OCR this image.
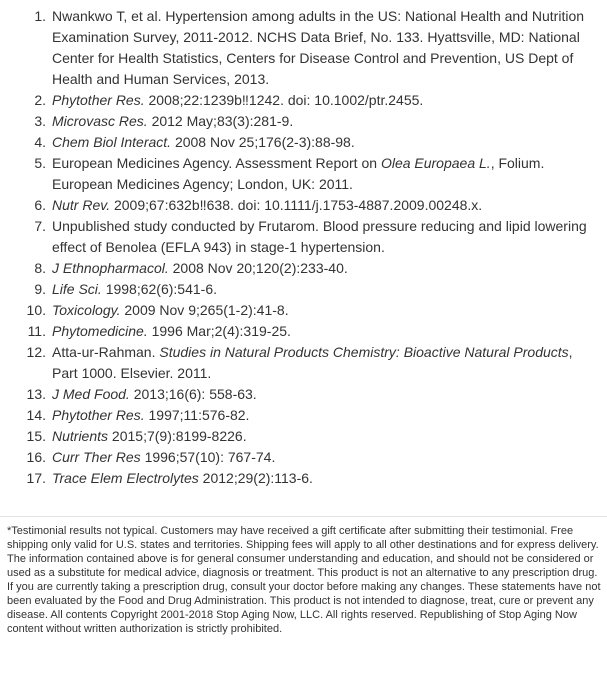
1. Nwankwo T, et al. Hypertension among adults in the US: National Health and Nutrition Examination Survey, 2011-2012. NCHS Data Brief, No. 133. Hyattsville, MD: National Center for Health Statistics, Centers for Disease Control and Prevention, US Dept of Health and Human Services, 2013.
2. Phytother Res. 2008;22:1239b‼1242. doi: 10.1002/ptr.2455.
3. Microvasc Res. 2012 May;83(3):281-9.
4. Chem Biol Interact. 2008 Nov 25;176(2-3):88-98.
5. European Medicines Agency. Assessment Report on Olea Europaea L., Folium. European Medicines Agency; London, UK: 2011.
6. Nutr Rev. 2009;67:632b‼638. doi: 10.1111/j.1753-4887.2009.00248.x.
7. Unpublished study conducted by Frutarom. Blood pressure reducing and lipid lowering effect of Benolea (EFLA 943) in stage-1 hypertension.
8. J Ethnopharmacol. 2008 Nov 20;120(2):233-40.
9. Life Sci. 1998;62(6):541-6.
10. Toxicology. 2009 Nov 9;265(1-2):41-8.
11. Phytomedicine. 1996 Mar;2(4):319-25.
12. Atta-ur-Rahman. Studies in Natural Products Chemistry: Bioactive Natural Products, Part 1000. Elsevier. 2011.
13. J Med Food. 2013;16(6): 558-63.
14. Phytother Res. 1997;11:576-82.
15. Nutrients 2015;7(9):8199-8226.
16. Curr Ther Res 1996;57(10): 767-74.
17. Trace Elem Electrolytes 2012;29(2):113-6.

*Testimonial results not typical. Customers may have received a gift certificate after submitting their testimonial. Free shipping only valid for U.S. states and territories. Shipping fees will apply to all other destinations and for express delivery. The information contained above is for general consumer understanding and education, and should not be considered or used as a substitute for medical advice, diagnosis or treatment. This product is not an alternative to any prescription drug. If you are currently taking a prescription drug, consult your doctor before making any changes. These statements have not been evaluated by the Food and Drug Administration. This product is not intended to diagnose, treat, cure or prevent any disease. All contents Copyright 2001-2018 Stop Aging Now, LLC. All rights reserved. Republishing of Stop Aging Now content without written authorization is strictly prohibited.
